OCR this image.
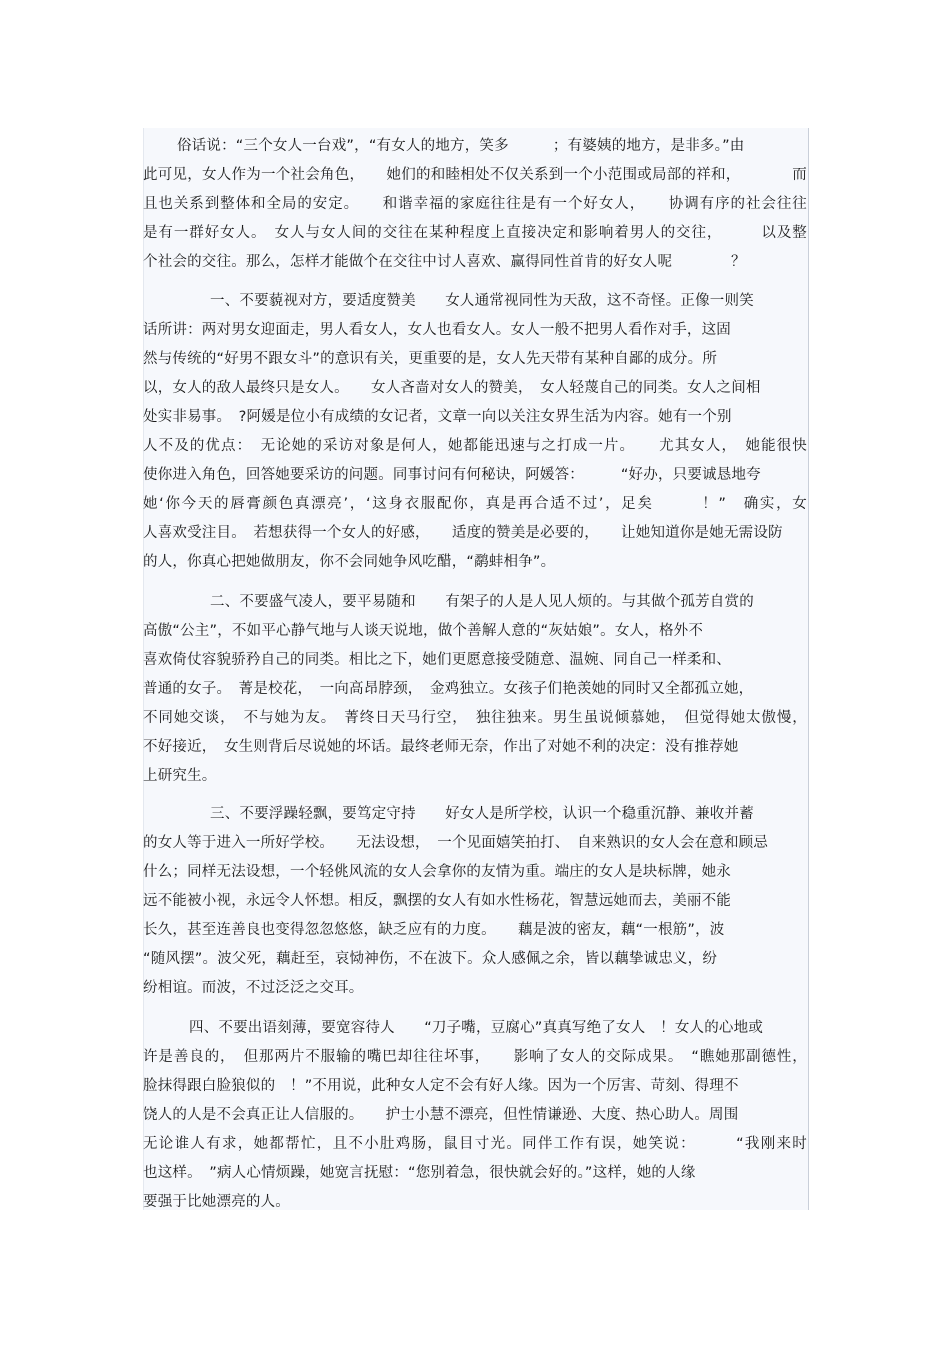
俗话说：“三个女人一台戏”，“有女人的地方，笑多　　　；有婆姨的地方，是非多。”由
此可见，女人作为一个社会角色，　　她们的和睦相处不仅关系到一个小范围或局部的祥和，　　　　而
且也关系到整体和全局的安定。　　和谐幸福的家庭往往是有一个好女人，　　协调有序的社会往往
是有一群好女人。　女人与女人间的交往在某种程度上直接决定和影响着男人的交往，　　　以及整
个社会的交往。那么，怎样才能做个在交往中讨人喜欢、赢得同性首肯的好女人呢　　　　？
一、不要藐视对方，要适度赞美　　女人通常视同性为天敌，这不奇怪。正像一则笑
话所讲：两对男女迎面走，男人看女人，女人也看女人。女人一般不把男人看作对手，这固
然与传统的“好男不跟女斗”的意识有关，更重要的是，女人先天带有某种自鄙的成分。所
以，女人的敌人最终只是女人。　　女人吝啬对女人的赞美，　女人轻蔑自己的同类。女人之间相
处实非易事。　?阿媛是位小有成绩的女记者，文章一向以关注女界生活为内容。她有一个别
人不及的优点：　无论她的采访对象是何人，她都能迅速与之打成一片。　　尤其女人，　她能很快
使你进入角色，回答她要采访的问题。同事讨问有何秘诀，阿媛答：　　　“好办，只要诚恳地夸
她‘你今天的唇膏颜色真漂亮’，‘这身衣服配你，真是再合适不过’，足矣　　　！”　确实，女
人喜欢受注目。　若想获得一个女人的好感，　　适度的赞美是必要的，　　让她知道你是她无需设防
的人，你真心把她做朋友，你不会同她争风吃醋，“鹬蚌相争”。
二、不要盛气凌人，要平易随和　　有架子的人是人见人烦的。与其做个孤芳自赏的
高傲“公主”，不如平心静气地与人谈天说地，做个善解人意的“灰姑娘”。女人，格外不
喜欢倚仗容貌骄矜自己的同类。相比之下，她们更愿意接受随意、温婉、同自己一样柔和、
普通的女子。　菁是校花，　一向高昂脖颈，　金鸡独立。女孩子们艳羡她的同时又全都孤立她，
不同她交谈，　不与她为友。　菁终日天马行空，　独往独来。男生虽说倾慕她，　但觉得她太傲慢，
不好接近，　女生则背后尽说她的坏话。最终老师无奈，作出了对她不利的决定：没有推荐她
上研究生。
三、不要浮躁轻飘，要笃定守持　　好女人是所学校，认识一个稳重沉静、兼收并蓄
的女人等于进入一所好学校。　　无法设想，　一个见面嬉笑拍打、　自来熟识的女人会在意和顾忌
什么；同样无法设想，一个轻佻风流的女人会拿你的友情为重。端庄的女人是块标牌，她永
远不能被小视，永远令人怀想。相反，飘摆的女人有如水性杨花，智慧远她而去，美丽不能
长久，甚至连善良也变得忽忽悠悠，缺乏应有的力度。　　藕是波的密友，藕“一根筋”，波
“随风摆”。波父死，藕赶至，哀恸神伤，不在波下。众人感佩之余，皆以藕挚诚忠义，纷
纷相谊。而波，不过泛泛之交耳。
四、不要出语刻薄，要宽容待人　　“刀子嘴，豆腐心”真真写绝了女人　！女人的心地或
许是善良的，　但那两片不服输的嘴巴却往往坏事，　　影响了女人的交际成果。　“瞧她那副德性，
脸抹得跟白脸狼似的　！”不用说，此种女人定不会有好人缘。因为一个厉害、苛刻、得理不
饶人的人是不会真正让人信服的。　　护士小慧不漂亮，但性情谦逊、大度、热心助人。周围
无论谁人有求，她都帮忙，且不小肚鸡肠，鼠目寸光。同伴工作有误，她笑说：　　　“我刚来时
也这样。　”病人心情烦躁，她宽言抚慰：“您别着急，很快就会好的。”这样，她的人缘
要强于比她漂亮的人。
